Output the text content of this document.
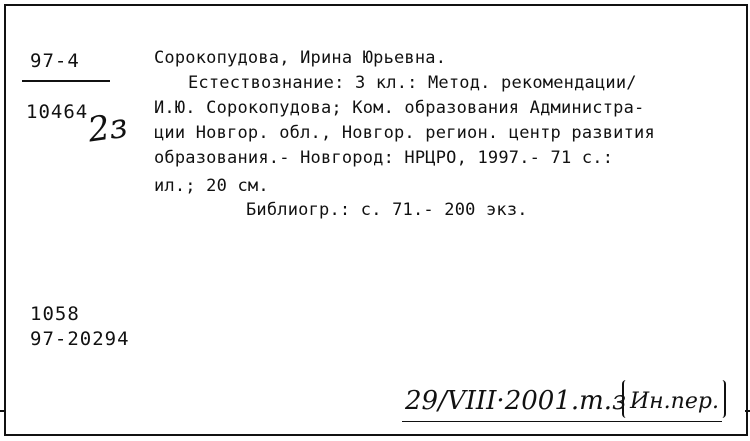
97-4
10464
2ɜ
Сорокопудова, Ирина Юрьевна.
Естествознание: 3 кл.: Метод. рекомендации/
И.Ю. Сорокопудова; Ком. образования Администра-
ции Новгор. обл., Новгор. регион. центр развития
образования.- Новгород: НРЦРО, 1997.- 71 с.:
ил.; 20 см.
Библиогр.: с. 71.- 200 экз.
1058
97-20294
29/VIII·2001.т.з Ин.пер.
